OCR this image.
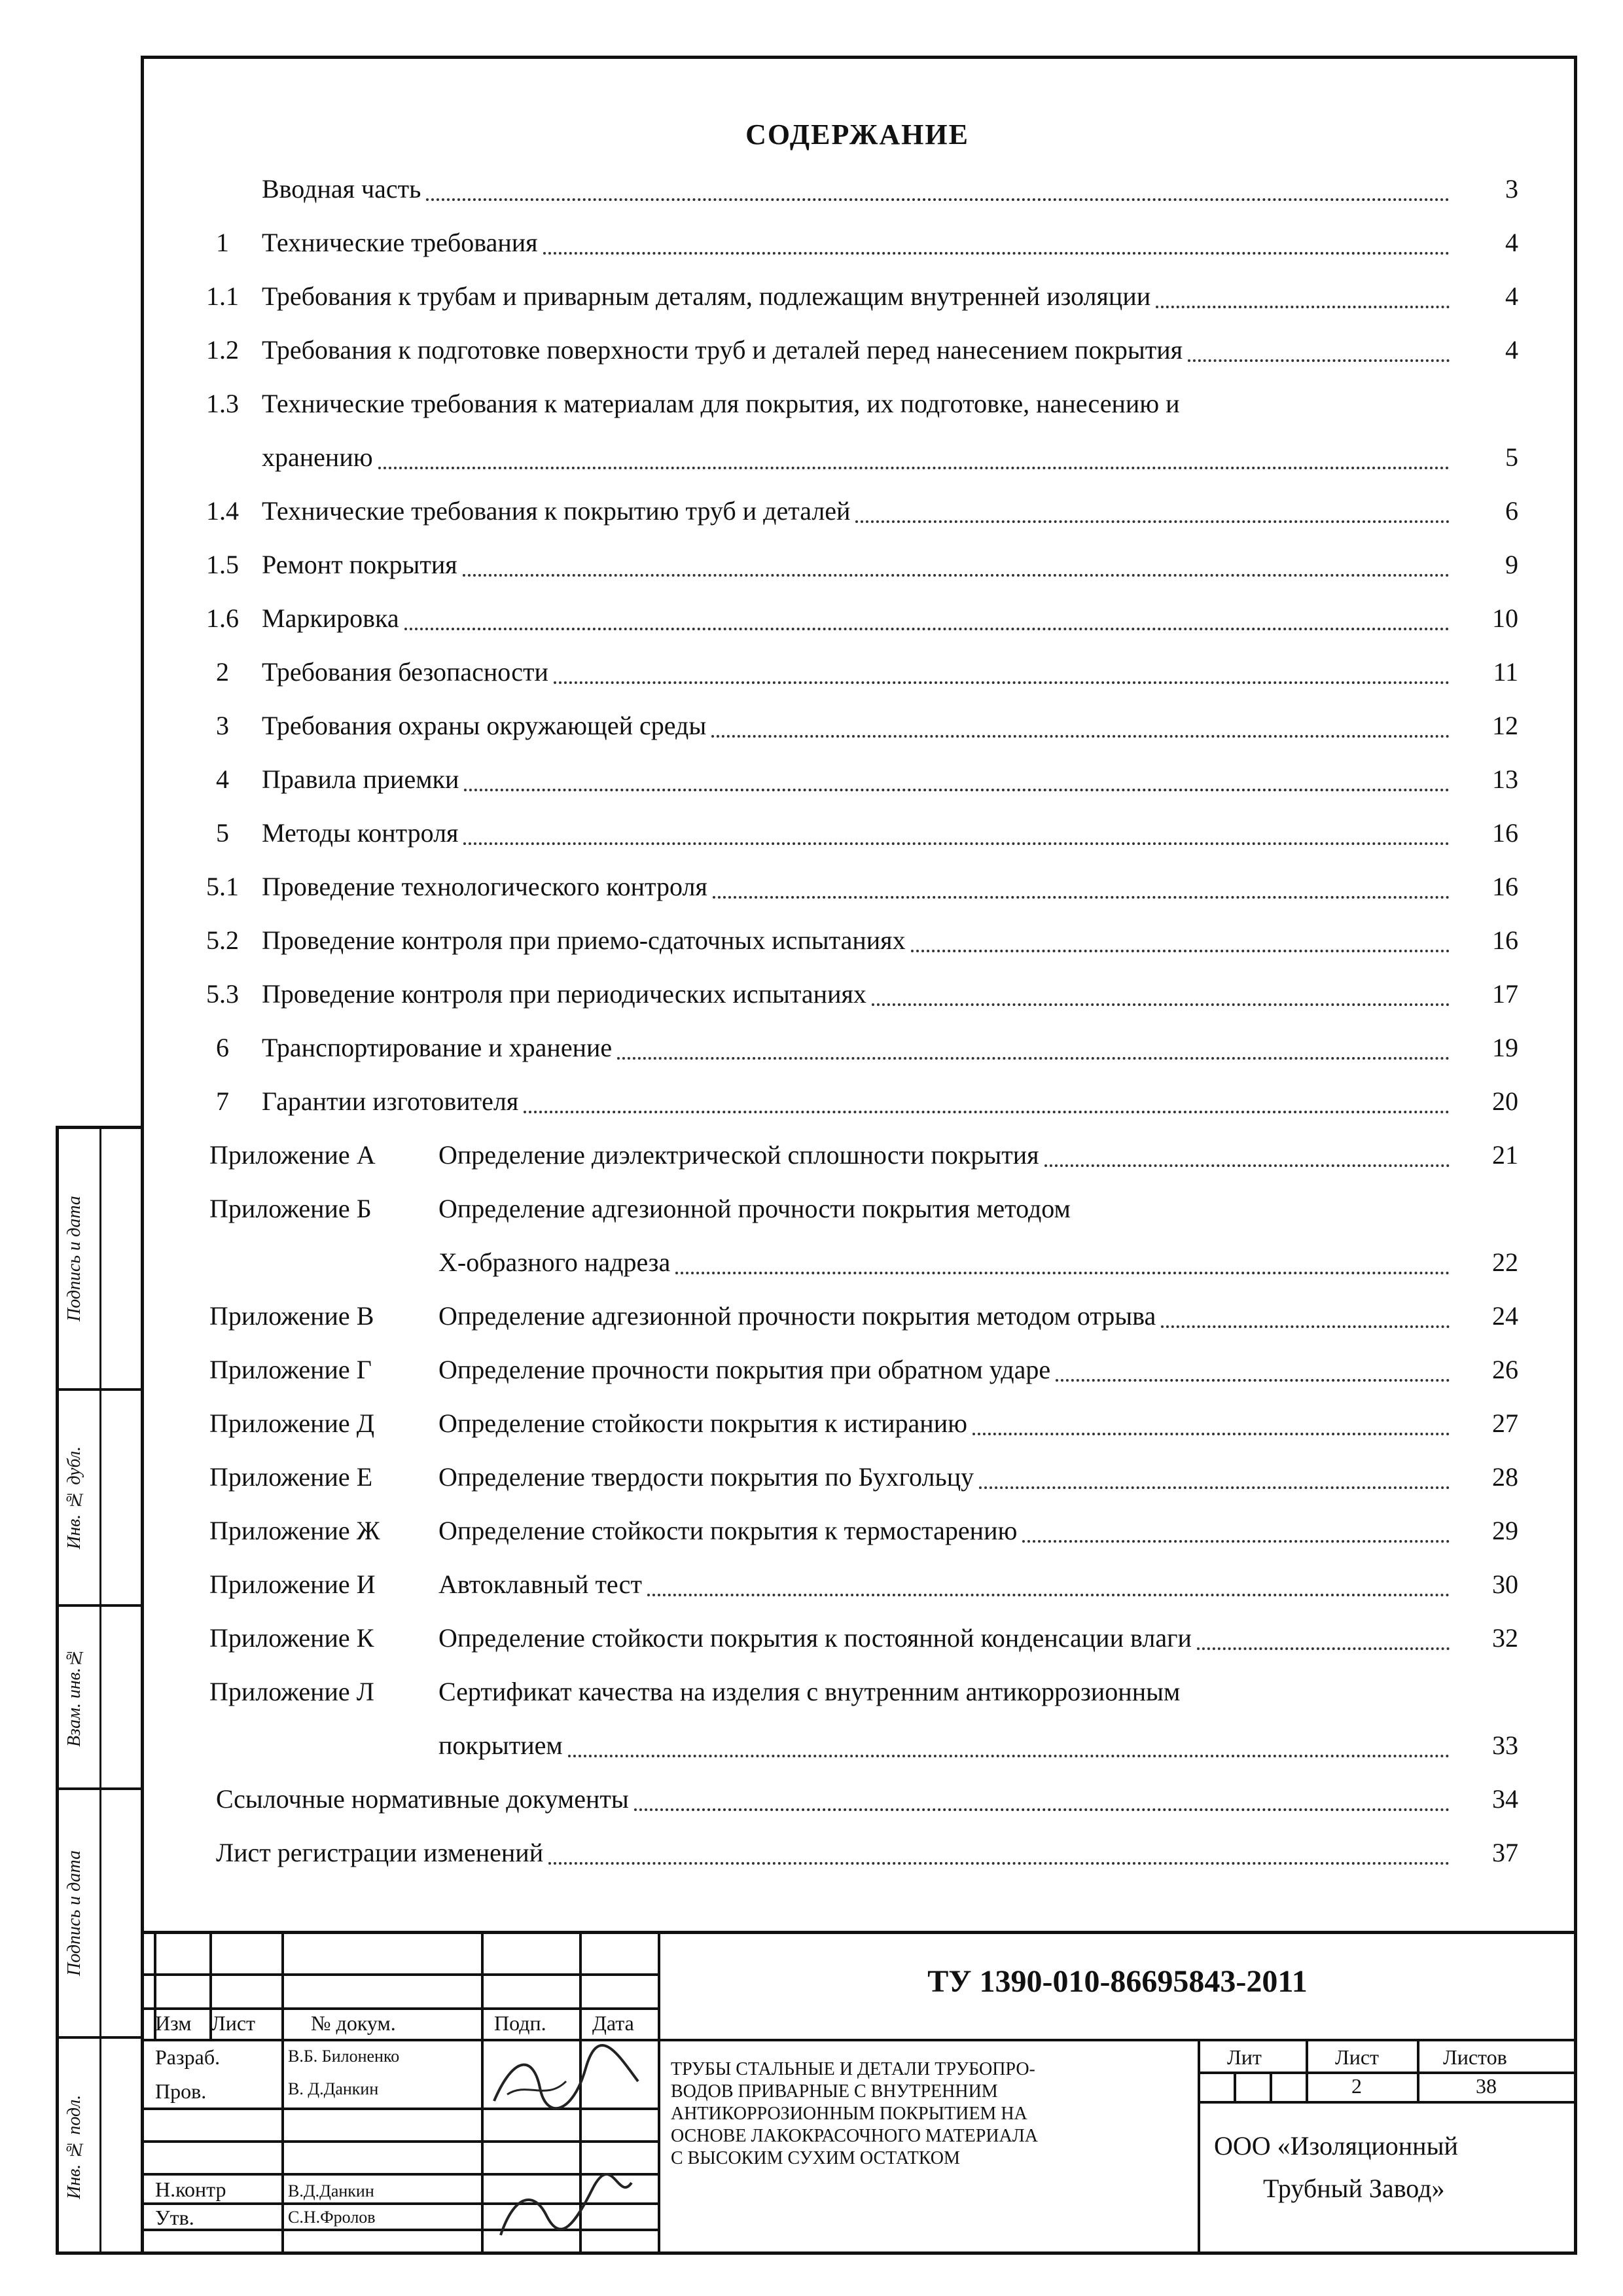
Подпись и дата
Инв. № дубл.
Взам. инв.№
Подпись и дата
Инв. № подл.
СОДЕРЖАНИЕ
Вводная часть	3
1	Технические требования	4
1.1 Требования к трубам и приварным деталям, подлежащим внутренней изоляции	4
1.2 Требования к подготовке поверхности труб и деталей перед нанесением покрытия	4
1.3 Технические требования к материалам для покрытия, их подготовке, нанесению и
хранению	5
1.4 Технические требования к покрытию труб и деталей	6
1.5 Ремонт покрытия	9
1.6 Маркировка	10
2	Требования безопасности	11
3	Требования охраны окружающей среды	12
4	Правила приемки	13
5	Методы контроля	16
5.1 Проведение технологического контроля	16
5.2 Проведение контроля при приемо-сдаточных испытаниях	16
5.3 Проведение контроля при периодических испытаниях	17
6	Транспортирование и хранение	19
7	Гарантии изготовителя	20
Приложение А Определение диэлектрической сплошности покрытия	21
Приложение Б	Определение адгезионной прочности покрытия методом
Х-образного надреза	22
Приложение В Определение адгезионной прочности покрытия методом отрыва	24
Приложение Г	Определение прочности покрытия при обратном ударе	26
Приложение Д Определение стойкости покрытия к истиранию	27
Приложение Е	Определение твердости покрытия по Бухгольцу	28
Приложение Ж Определение стойкости покрытия к термостарению	29
Приложение И Автоклавный тест	30
Приложение К Определение стойкости покрытия к постоянной конденсации влаги	32
Приложение Л Сертификат качества на изделия с внутренним антикоррозионным
покрытием	33
Ссылочные нормативные документы	34
Лист регистрации изменений	37
Изм Лист	№ докум.	Подп. Дата
Разраб.	В.Б. Билоненко
Пров.	В. Д.Данкин
Н.контр	В.Д.Данкин
Утв.	С.Н.Фролов
ТУ 1390-010-86695843-2011
ТРУБЫ СТАЛЬНЫЕ И ДЕТАЛИ ТРУБОПРО-
ВОДОВ ПРИВАРНЫЕ С ВНУТРЕННИМ
АНТИКОРРОЗИОННЫМ ПОКРЫТИЕМ НА
ОСНОВЕ ЛАКОКРАСОЧНОГО МАТЕРИАЛА
С ВЫСОКИМ СУХИМ ОСТАТКОМ
Лит	Лист	Листов
2	38
ООО «Изоляционный
Трубный Завод»
